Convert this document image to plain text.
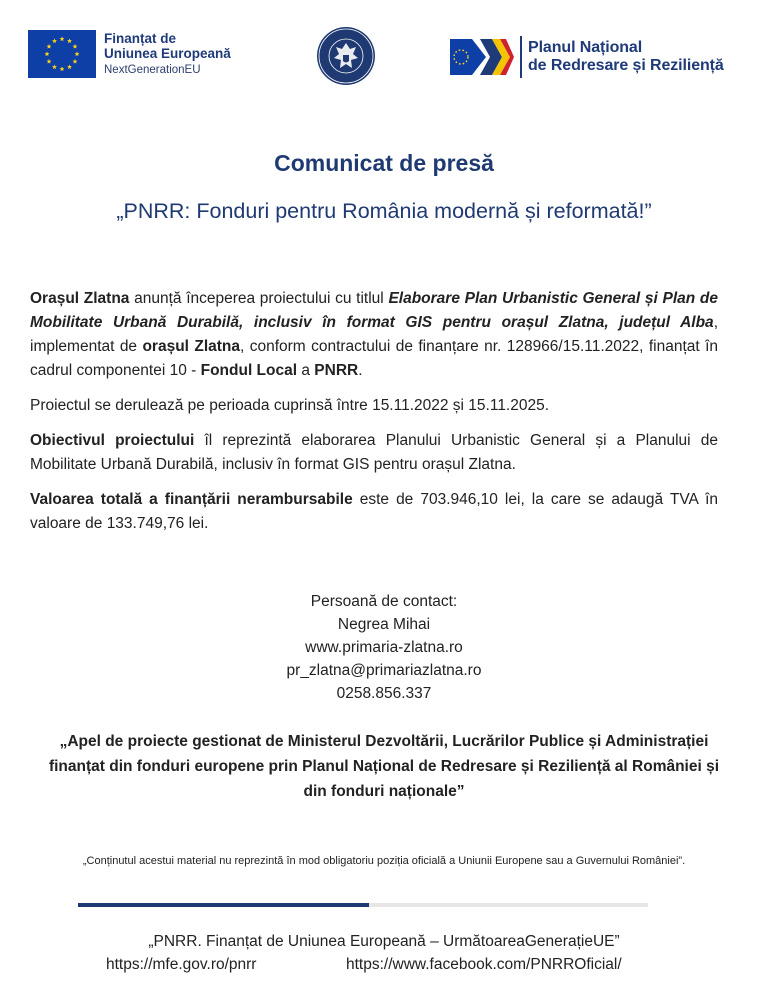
Finanțat de
Uniunea Europeană
NextGenerationEU
Planul Național
de Redresare și Reziliență
Comunicat de presă
„PNRR: Fonduri pentru România modernă și reformată!”

Orașul Zlatna anunță începerea proiectului cu titlul Elaborare Plan Urbanistic General și Plan de Mobilitate Urbană Durabilă, inclusiv în format GIS pentru orașul Zlatna, județul Alba, implementat de orașul Zlatna, conform contractului de finanțare nr. 128966/15.11.2022, finanțat în cadrul componentei 10 - Fondul Local a PNRR.

Proiectul se derulează pe perioada cuprinsă între 15.11.2022 și 15.11.2025.

Obiectivul proiectului îl reprezintă elaborarea Planului Urbanistic General și a Planului de Mobilitate Urbană Durabilă, inclusiv în format GIS pentru orașul Zlatna.

Valoarea totală a finanțării nerambursabile este de 703.946,10 lei, la care se adaugă TVA în valoare de 133.749,76 lei.

Persoană de contact:
Negrea Mihai
www.primaria-zlatna.ro
pr_zlatna@primariazlatna.ro
0258.856.337
„Apel de proiecte gestionat de Ministerul Dezvoltării, Lucrărilor Publice și Administrației
finanțat din fonduri europene prin Planul Național de Redresare și Reziliență al României și
din fonduri naționale”
„Conținutul acestui material nu reprezintă în mod obligatoriu poziția oficială a Uniunii Europene sau a Guvernului României”.
„PNRR. Finanțat de Uniunea Europeană – UrmătoareaGenerațieUE”
https://mfe.gov.ro/pnrr	https://www.facebook.com/PNRROficial/
